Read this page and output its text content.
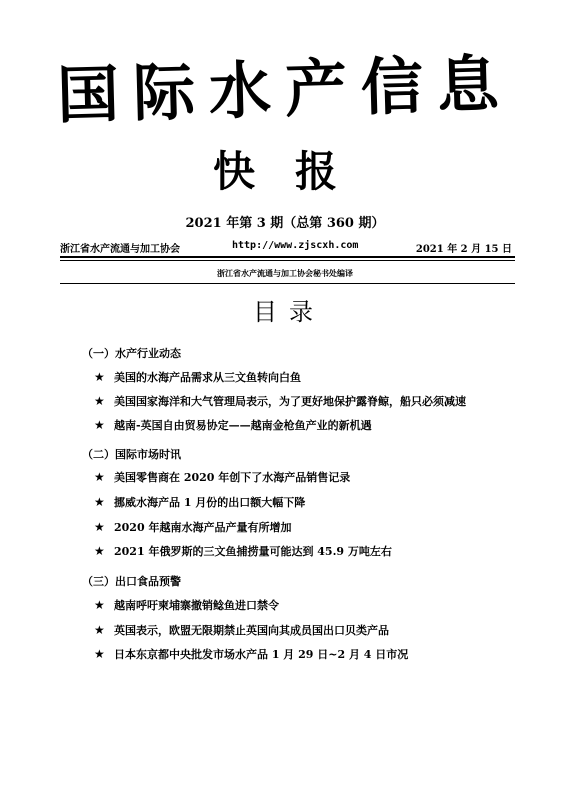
国际水产信息
快报
2021 年第 3 期（总第 360 期）
浙江省水产流通与加工协会	http://www.zjscxh.com	2021 年 2 月 15 日
浙江省水产流通与加工协会秘书处编译
目录
（一）水产行业动态
★ 美国的水海产品需求从三文鱼转向白鱼
★ 美国国家海洋和大气管理局表示，为了更好地保护露脊鲸，船只必须减速
★ 越南-英国自由贸易协定——越南金枪鱼产业的新机遇
（二）国际市场时讯
★ 美国零售商在 2020 年创下了水海产品销售记录
★ 挪威水海产品 1 月份的出口额大幅下降
★ 2020 年越南水海产品产量有所增加
★ 2021 年俄罗斯的三文鱼捕捞量可能达到 45.9 万吨左右
（三）出口食品预警
★ 越南呼吁柬埔寨撤销鲶鱼进口禁令
★ 英国表示，欧盟无限期禁止英国向其成员国出口贝类产品
★ 日本东京都中央批发市场水产品 1 月 29 日~2 月 4 日市况
